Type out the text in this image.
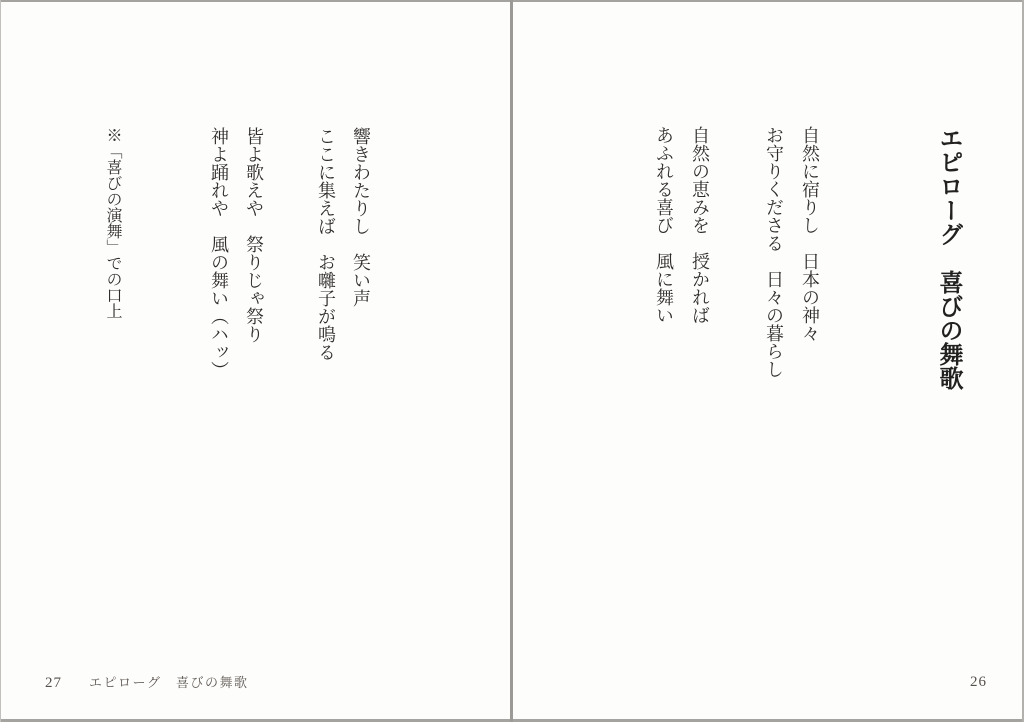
エピローグ　喜びの舞歌
自然に宿りし　日本の神々
お守りくださる　日々の暮らし
自然の恵みを　授かれば
あふれる喜び　風に舞い
響きわたりし　笑い声
ここに集えば　お囃子が鳴る
皆よ歌えや　祭りじゃ祭り
神よ踊れや　風の舞い（ハッ）
※「喜びの演舞」での口上
27 エピローグ　喜びの舞歌	26
